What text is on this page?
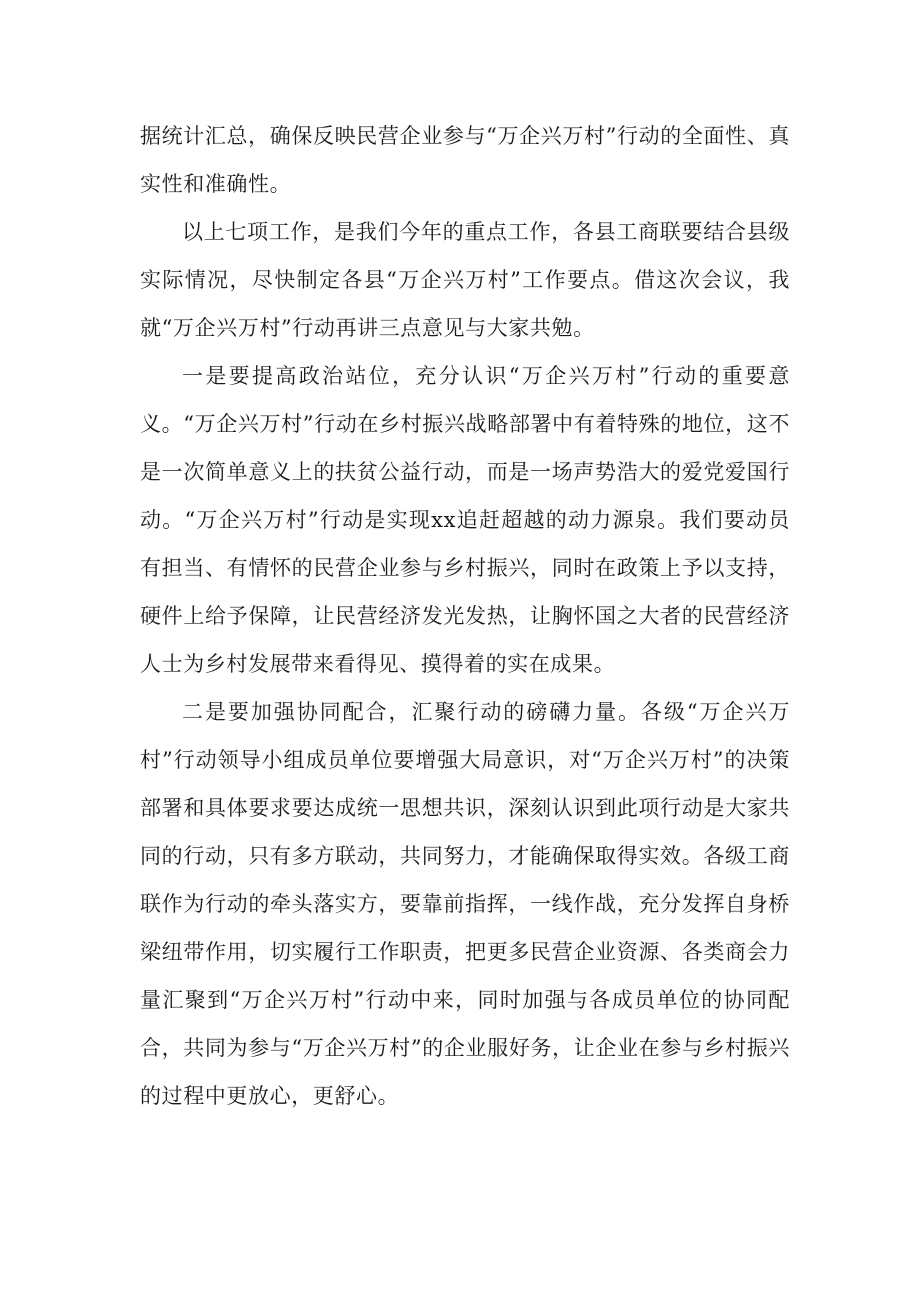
据统计汇总，确保反映民营企业参与“万企兴万村”行动的全面性、真实性和准确性。

以上七项工作，是我们今年的重点工作，各县工商联要结合县级实际情况，尽快制定各县“万企兴万村”工作要点。借这次会议，我就“万企兴万村”行动再讲三点意见与大家共勉。

一是要提高政治站位，充分认识“万企兴万村”行动的重要意义。“万企兴万村”行动在乡村振兴战略部署中有着特殊的地位，这不是一次简单意义上的扶贫公益行动，而是一场声势浩大的爱党爱国行动。“万企兴万村”行动是实现xx追赶超越的动力源泉。我们要动员有担当、有情怀的民营企业参与乡村振兴，同时在政策上予以支持，硬件上给予保障，让民营经济发光发热，让胸怀国之大者的民营经济人士为乡村发展带来看得见、摸得着的实在成果。

二是要加强协同配合，汇聚行动的磅礴力量。各级“万企兴万村”行动领导小组成员单位要增强大局意识，对“万企兴万村”的决策部署和具体要求要达成统一思想共识，深刻认识到此项行动是大家共同的行动，只有多方联动，共同努力，才能确保取得实效。各级工商联作为行动的牵头落实方，要靠前指挥，一线作战，充分发挥自身桥梁纽带作用，切实履行工作职责，把更多民营企业资源、各类商会力量汇聚到“万企兴万村”行动中来，同时加强与各成员单位的协同配合，共同为参与“万企兴万村”的企业服好务，让企业在参与乡村振兴的过程中更放心，更舒心。
